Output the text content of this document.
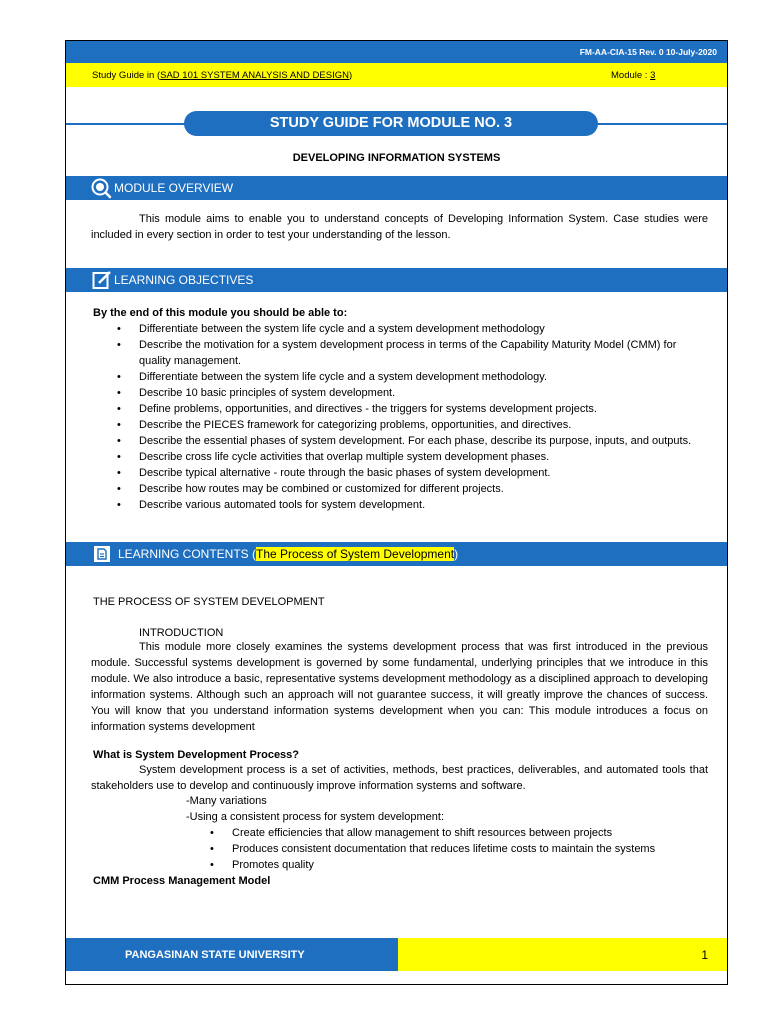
FM-AA-CIA-15 Rev. 0 10-July-2020
Study Guide in (SAD 101 SYSTEM ANALYSIS AND DESIGN)	Module : 3
STUDY GUIDE FOR MODULE NO. 3
DEVELOPING INFORMATION SYSTEMS
MODULE OVERVIEW

This module aims to enable you to understand concepts of Developing Information System. Case studies were included in every section in order to test your understanding of the lesson.

LEARNING OBJECTIVES
By the end of this module you should be able to:
• Differentiate between the system life cycle and a system development methodology
• Describe the motivation for a system development process in terms of the Capability Maturity Model (CMM) for quality management.
• Differentiate between the system life cycle and a system development methodology.
• Describe 10 basic principles of system development.
• Define problems, opportunities, and directives - the triggers for systems development projects.
• Describe the PIECES framework for categorizing problems, opportunities, and directives.
• Describe the essential phases of system development. For each phase, describe its purpose, inputs, and outputs.
• Describe cross life cycle activities that overlap multiple system development phases.
• Describe typical alternative - route through the basic phases of system development.
• Describe how routes may be combined or customized for different projects.
• Describe various automated tools for system development.
LEARNING CONTENTS (The Process of System Development)
THE PROCESS OF SYSTEM DEVELOPMENT
INTRODUCTION

This module more closely examines the systems development process that was first introduced in the previous module. Successful systems development is governed by some fundamental, underlying principles that we introduce in this module. We also introduce a basic, representative systems development methodology as a disciplined approach to developing information systems. Although such an approach will not guarantee success, it will greatly improve the chances of success. You will know that you understand information systems development when you can: This module introduces a focus on information systems development

What is System Development Process?

System development process is a set of activities, methods, best practices, deliverables, and automated tools that stakeholders use to develop and continuously improve information systems and software.

-Many variations
-Using a consistent process for system development:
• Create efficiencies that allow management to shift resources between projects
• Produces consistent documentation that reduces lifetime costs to maintain the systems
• Promotes quality
CMM Process Management Model
PANGASINAN STATE UNIVERSITY	1
